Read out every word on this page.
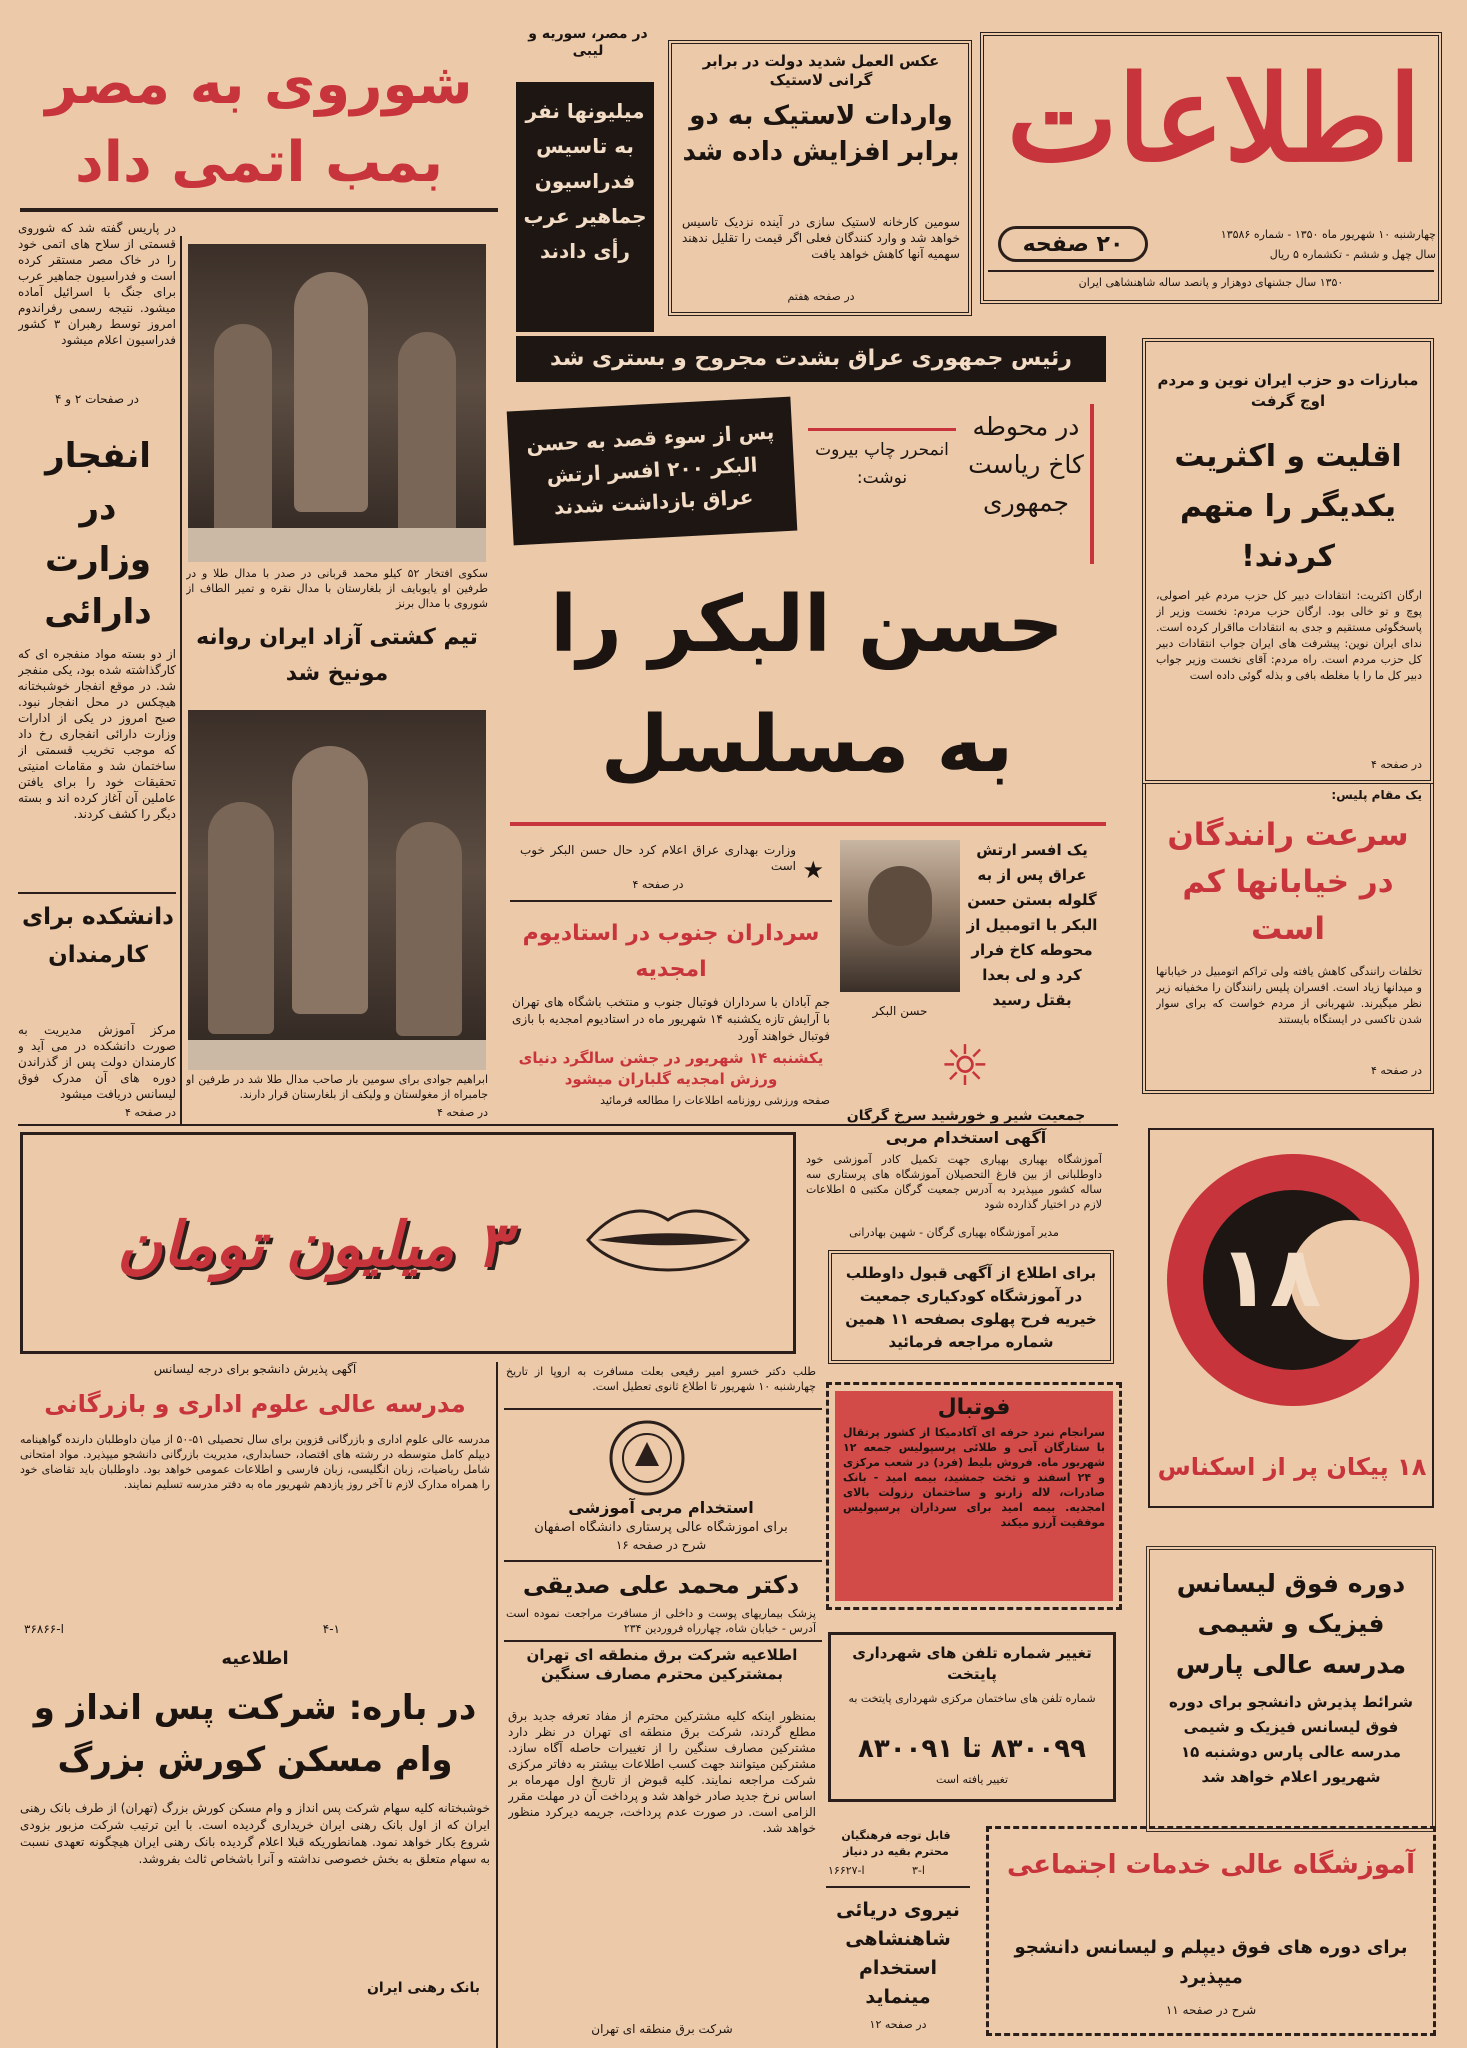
اطلاعات
۲۰ صفحه	چهارشنبه ۱۰ شهریور ماه ۱۳۵۰ - شماره ۱۳۵۸۶
سال چهل و ششم - تکشماره ۵ ریال
۱۳۵۰ سال جشنهای دوهزار و پانصد ساله شاهنشاهی ایران
عکس العمل شدید دولت در برابر گرانی لاستیک
واردات لاستیک به دو برابر افزایش داده شد
سومین کارخانه لاستیک سازی در آینده نزدیک تاسیس خواهد شد و وارد کنندگان فعلی اگر قیمت را تقلیل ندهند سهمیه آنها کاهش خواهد یافت
در صفحه هفتم
در مصر، سوریه و لیبی
میلیونها نفر به تاسیس فدراسیون جماهیر عرب رأی دادند
شوروی به مصر
بمب اتمی داد
در پاریس گفته شد که شوروی قسمتی از سلاح های اتمی خود را در خاک مصر مستقر کرده است و فدراسیون جماهیر عرب برای جنگ با اسرائیل آماده میشود. نتیجه رسمی رفراندوم امروز توسط رهبران ۳ کشور فدراسیون اعلام میشود
در صفحات ۲ و ۴
سکوی افتخار ۵۲ کیلو محمد قربانی در صدر با مدال طلا و در طرفین او یایوبایف از بلغارستان با مدال نقره و تمیر الطاف از شوروی با مدال برنز
تیم کشتی آزاد ایران روانه مونیخ شد
ابراهیم جوادی برای سومین بار صاحب مدال طلا شد در طرفین او جامبراه از مغولستان و ولیکف از بلغارستان قرار دارند.
در صفحه ۴
انفجار در وزارت دارائی
از دو بسته مواد منفجره ای که کارگذاشته شده بود، یکی منفجر شد. در موقع انفجار خوشبختانه هیچکس در محل انفجار نبود. صبح امروز در یکی از ادارات وزارت دارائی انفجاری رخ داد که موجب تخریب قسمتی از ساختمان شد و مقامات امنیتی تحقیقات خود را برای یافتن عاملین آن آغاز کرده اند و بسته دیگر را کشف کردند.
دانشکده برای کارمندان
مرکز آموزش مدیریت به صورت دانشکده در می آید و کارمندان دولت پس از گذراندن دوره های آن مدرک فوق لیسانس دریافت میشود
در صفحه ۴
رئیس جمهوری عراق بشدت مجروح و بستری شد
پس از سوء قصد به حسن البکر ۲۰۰ افسر ارتش عراق بازداشت شدند
انمحرر چاپ بیروت نوشت:
در محوطه کاخ ریاست جمهوری
حسن البکر را
به مسلسل
★
وزارت بهداری عراق اعلام کرد حال حسن البکر خوب است
در صفحه ۴
حسن البکر
یک افسر ارتش عراق پس از به گلوله بستن حسن البکر با اتومبیل از محوطه کاخ فرار کرد و لی بعدا بقتل رسید
سرداران جنوب در استادیوم امجدیه
جم آبادان با سرداران فوتبال جنوب و منتخب باشگاه های تهران با آرایش تازه یکشنبه ۱۴ شهریور ماه در استادیوم امجدیه با بازی فوتبال خواهند آورد
یکشنبه ۱۴ شهریور در جشن سالگرد دنیای ورزش امجدیه گلباران میشود
صفحه ورزشی روزنامه اطلاعات را مطالعه فرمائید
مبارزات دو حزب ایران نوین و مردم اوج گرفت
اقلیت و اکثریت یکدیگر را متهم کردند!
ارگان اکثریت: انتقادات دبیر کل حزب مردم غیر اصولی، پوچ و تو خالی بود. ارگان حزب مردم: نخست وزیر از پاسخگوئی مستقیم و جدی به انتقادات مااقرار کرده است. ندای ایران نوین: پیشرفت های ایران جواب انتقادات دبیر کل حزب مردم است. راه مردم: آقای نخست وزیر جواب دبیر کل ما را با مغلطه بافی و بذله گوئی داده است
در صفحه ۴
یک مقام پلیس:
سرعت رانندگان در خیابانها کم است
تخلفات رانندگی کاهش یافته ولی تراکم اتومبیل در خیابانها و میدانها زیاد است. افسران پلیس رانندگان را مخفیانه زیر نظر میگیرند. شهربانی از مردم خواست که برای سوار شدن تاکسی در ایستگاه بایستند
در صفحه ۴
☼
جمعیت شیر و خورشید سرخ گرگان
آگهی استخدام مربی
آموزشگاه بهیاری بهیاری جهت تکمیل کادر آموزشی خود داوطلبانی از بین فارغ التحصیلان آموزشگاه های پرستاری سه ساله کشور میپذیرد به آدرس جمعیت گرگان مکتبی ۵ اطلاعات لازم در اختیار گذارده شود
مدیر آموزشگاه بهیاری گرگان - شهین بهادرانی
۳ میلیون تومان	برای اطلاع از آگهی قبول داوطلب در آموزشگاه کودکیاری جمعیت خیریه فرح پهلوی بصفحه ۱۱ همین شماره مراجعه فرمائید
۱۸
۱۸ پیکان پر از اسکناس
آگهی پذیرش دانشجو برای درجه لیسانس
مدرسه عالی علوم اداری و بازرگانی
مدرسه عالی علوم اداری و بازرگانی قزوین برای سال تحصیلی ۵۱-۵۰ از میان داوطلبان دارنده گواهینامه دیپلم کامل متوسطه در رشته های اقتصاد، حسابداری، مدیریت بازرگانی دانشجو میپذیرد. مواد امتحانی شامل ریاضیات، زبان انگلیسی، زبان فارسی و اطلاعات عمومی خواهد بود. داوطلبان باید تقاضای خود را همراه مدارک لازم تا آخر روز یازدهم شهریور ماه به دفتر مدرسه تسلیم نمایند.
۴-۱
ا-۳۶۸۶۶
طلب دکتر خسرو امیر رفیعی بعلت مسافرت به اروپا از تاریخ چهارشنبه ۱۰ شهریور تا اطلاع ثانوی تعطیل است.
استخدام مربی آموزشی
برای آموزشگاه عالی پرستاری دانشگاه اصفهان
شرح در صفحه ۱۶
دکتر محمد علی صدیقی
پزشک بیماریهای پوست و داخلی از مسافرت مراجعت نموده است آدرس - خیابان شاه، چهارراه فروردین ۲۳۴
اطلاعیه شرکت برق منطقه ای تهران بمشترکین محترم مصارف سنگین
بمنظور اینکه کلیه مشترکین محترم از مفاد تعرفه جدید برق مطلع گردند، شرکت برق منطقه ای تهران در نظر دارد مشترکین مصارف سنگین را از تغییرات حاصله آگاه سازد. مشترکین میتوانند جهت کسب اطلاعات بیشتر به دفاتر مرکزی شرکت مراجعه نمایند. کلیه قبوض از تاریخ اول مهرماه بر اساس نرخ جدید صادر خواهد شد و پرداخت آن در مهلت مقرر الزامی است. در صورت عدم پرداخت، جریمه دیرکرد منظور خواهد شد.
شرکت برق منطقه ای تهران
اطلاعیه
در باره: شرکت پس انداز و وام مسکن کورش بزرگ
خوشبختانه کلیه سهام شرکت پس انداز و وام مسکن کورش بزرگ (تهران) از طرف بانک رهنی ایران که از اول بانک رهنی ایران خریداری گردیده است. با این ترتیب شرکت مزبور بزودی شروع بکار خواهد نمود. همانطوریکه قبلا اعلام گردیده بانک رهنی ایران هیچگونه تعهدی نسبت به سهام متعلق به بخش خصوصی نداشته و آنرا باشخاص ثالث بفروشد.
بانک رهنی ایران
فوتبال
سرانجام نبرد حرفه ای آکادمیکا از کشور پرتقال با ستارگان آبی و طلائی پرسپولیس جمعه ۱۲ شهریور ماه. فروش بلیط (فرد) در شعب مرکزی و ۲۴ اسفند و تخت جمشید، بیمه امید - بانک صادرات، لاله زارنو و ساختمان رزولت بالای امجدیه. بیمه امید برای سرداران پرسپولیس موفقیت آرزو میکند
تغییر شماره تلفن های شهرداری پایتخت
شماره تلفن های ساختمان مرکزی شهرداری پایتخت به
۸۳۰۰۹۹ تا ۸۳۰۰۹۱
تغییر یافته است
قابل توجه فرهنگیان محترم بقیه در دنیاز
ا-۳
ا-۱۶۶۲۷
نیروی دریائی شاهنشاهی استخدام مینماید
در صفحه ۱۲
دوره فوق لیسانس فیزیک و شیمی
مدرسه عالی پارس
شرائط پذیرش دانشجو برای دوره فوق لیسانس فیزیک و شیمی مدرسه عالی پارس دوشنبه ۱۵ شهریور اعلام خواهد شد
آموزشگاه عالی خدمات اجتماعی
برای دوره های فوق دیپلم و لیسانس دانشجو میپذیرد
شرح در صفحه ۱۱
